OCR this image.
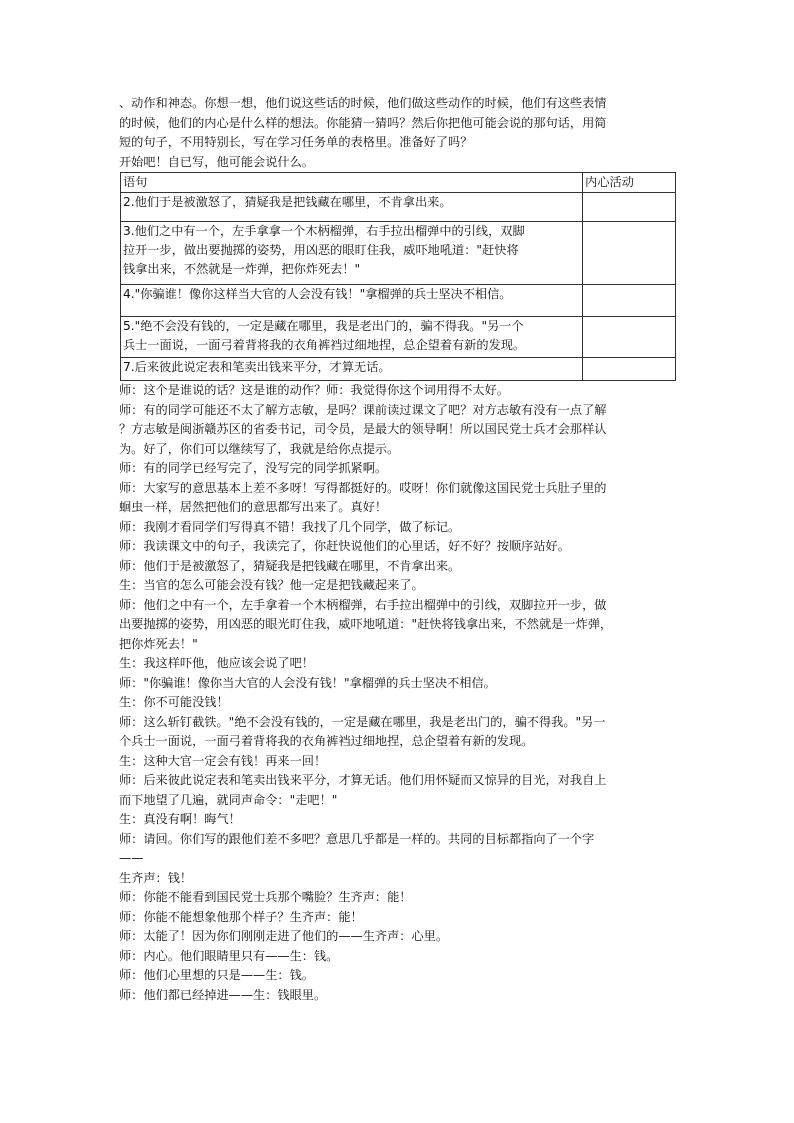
、动作和神态。你想一想，他们说这些话的时候，他们做这些动作的时候，他们有这些表情

的时候，他们的内心是什么样的想法。你能猜一猜吗？然后你把他可能会说的那句话，用简

短的句子，不用特别长，写在学习任务单的表格里。准备好了吗？

开始吧！自已写，他可能会说什么。

语句	内心活动

2.他们于是被激怒了，猜疑我是把钱藏在哪里，不肯拿出来。	

3.他们之中有一个，左手拿拿一个木柄榴弹，右手拉出榴弹中的引线，双脚
拉开一步，做出要抛掷的姿势，用凶恶的眼盯住我，威吓地吼道："赶快将
钱拿出来，不然就是一炸弹，把你炸死去！"	

4."你骗谁！像你这样当大官的人会没有钱！"拿榴弹的兵士坚决不相信。	

5."绝不会没有钱的，一定是藏在哪里，我是老出门的，骗不得我。"另一个
兵士一面说，一面弓着背将我的衣角裤裆过细地捏，总企望着有新的发现。	

7.后来彼此说定表和笔卖出钱来平分，才算无话。	

师：这个是谁说的话？这是谁的动作？师：我觉得你这个词用得不太好。
师：有的同学可能还不太了解方志敏，是吗？课前读过课文了吧？对方志敏有没有一点了解
？方志敏是闽浙赣苏区的省委书记，司令员，是最大的领导啊！所以国民党士兵才会那样认
为。好了，你们可以继续写了，我就是给你点提示。
师：有的同学已经写完了，没写完的同学抓紧啊。
师：大家写的意思基本上差不多呀！写得都挺好的。哎呀！你们就像这国民党士兵肚子里的
蛔虫一样，居然把他们的意思都写出来了。真好！
师：我刚才看同学们写得真不错！我找了几个同学，做了标记。
师：我读课文中的句子，我读完了，你赶快说他们的心里话，好不好？按顺序站好。
师：他们于是被激怒了，猜疑我是把钱藏在哪里，不肯拿出来。
生：当官的怎么可能会没有钱？他一定是把钱藏起来了。
师：他们之中有一个，左手拿着一个木柄榴弹，右手拉出榴弹中的引线，双脚拉开一步，做
出要抛掷的姿势，用凶恶的眼光盯住我，威吓地吼道："赶快将钱拿出来，不然就是一炸弹，
把你炸死去！"
生：我这样吓他，他应该会说了吧！
师："你骗谁！像你当大官的人会没有钱！"拿榴弹的兵士坚决不相信。
生：你不可能没钱！
师：这么斩钉截铁。"绝不会没有钱的，一定是藏在哪里，我是老出门的，骗不得我。"另一
个兵士一面说，一面弓着背将我的衣角裤裆过细地捏，总企望着有新的发现。
生：这种大官一定会有钱！再来一回！
师：后来彼此说定表和笔卖出钱来平分，才算无话。他们用怀疑而又惊异的目光，对我自上
而下地望了几遍，就同声命令："走吧！"
生：真没有啊！晦气！
师：请回。你们写的跟他们差不多吧？意思几乎都是一样的。共同的目标都指向了一个字
——
生齐声：钱！
师：你能不能看到国民党士兵那个嘴脸？生齐声：能！
师：你能不能想象他那个样子？生齐声：能！
师：太能了！因为你们刚刚走进了他们的——生齐声：心里。
师：内心。他们眼睛里只有——生：钱。
师：他们心里想的只是——生：钱。
师：他们都已经掉进——生：钱眼里。
